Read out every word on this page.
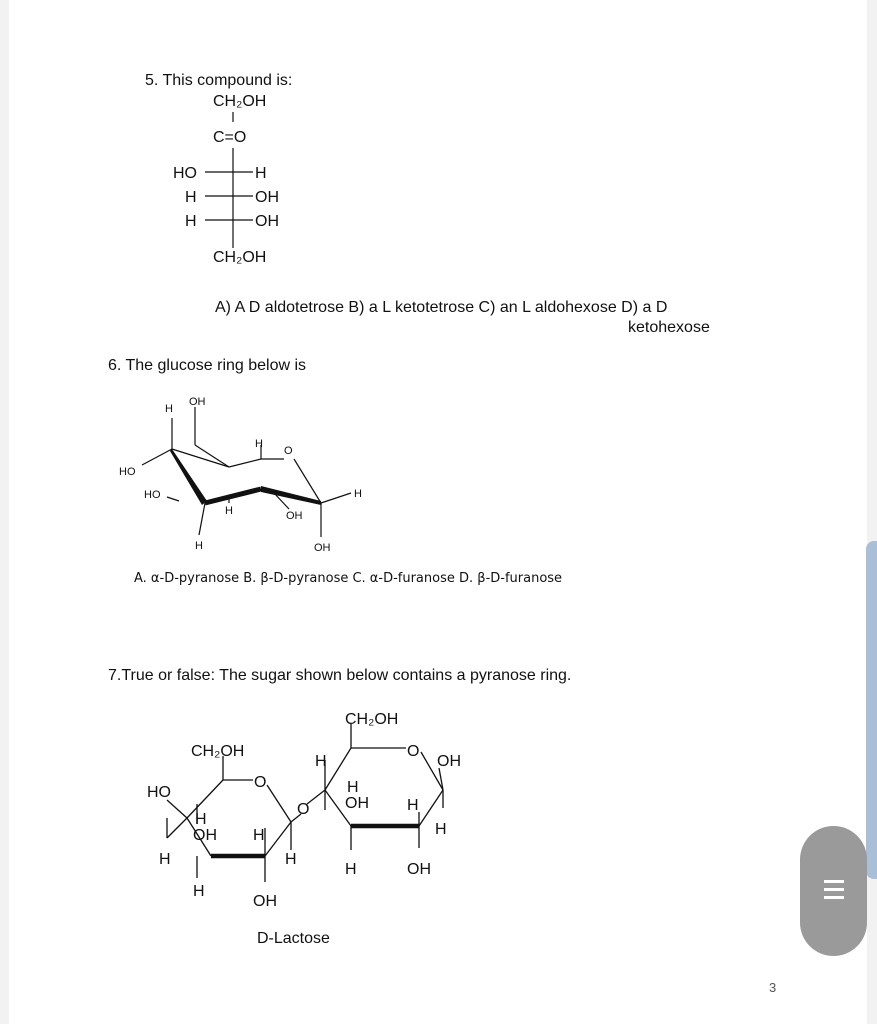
5. This compound is:
CH₂OH
C=O
HO	H
H	OH
H	OH
CH₂OH
A) A D aldotetrose B) a L ketotetrose C) an L aldohexose D) a D
ketohexose
6. The glucose ring below is
H
OH
H
O
HO
HO
H	OH
H
H	OH
A. α-D-pyranose B. β-D-pyranose C. α-D-furanose D. β-D-furanose
7.True or false: The sugar shown below contains a pyranose ring.
CH₂OH
O
HO
H
OH H
H	H
H
OH
O
CH₂OH
O
OH
H
H
OH H
H
H	OH
D-Lactose
3
